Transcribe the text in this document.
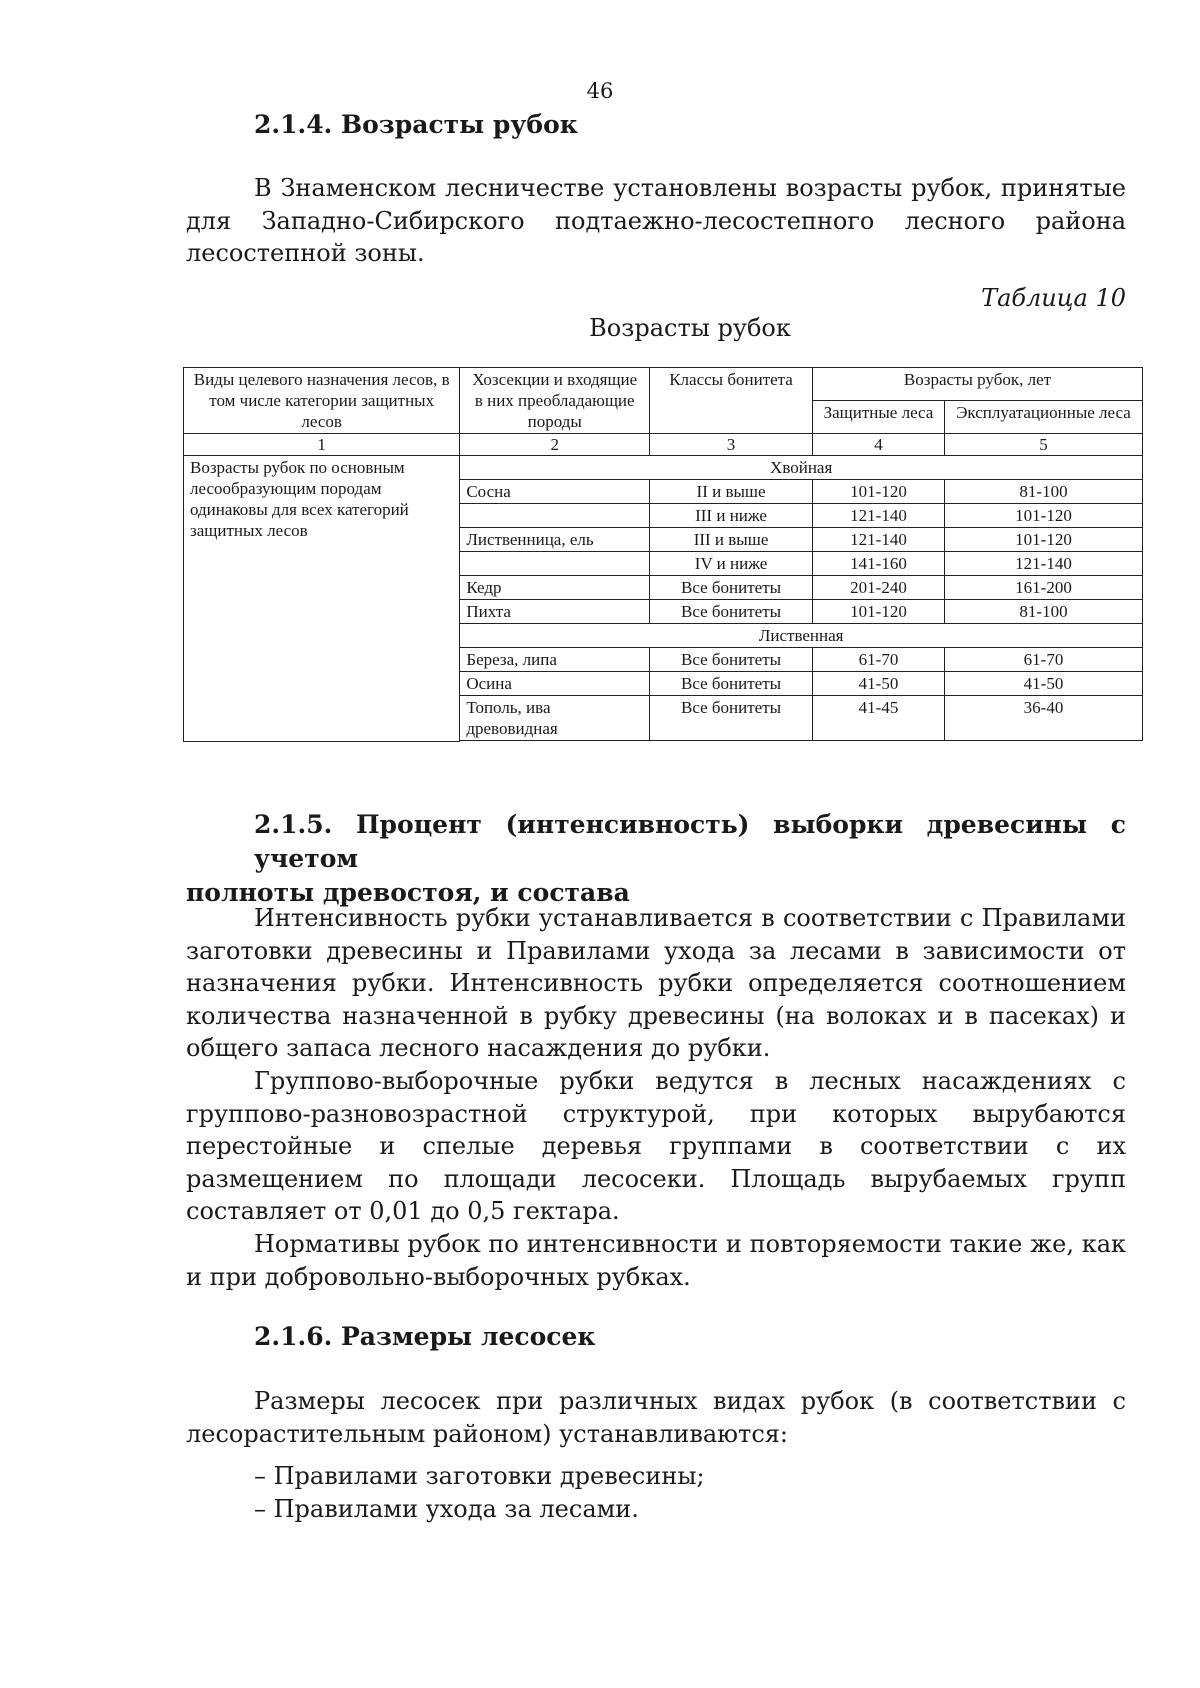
46
2.1.4. Возрасты рубок

В Знаменском лесничестве установлены возрасты рубок, принятые для Западно-Сибирского подтаежно-лесостепного лесного района лесостепной зоны.

Таблица 10
Возрасты рубок
Виды целевого назначения лесов, в том числе категории защитных лесов	Хозсекции и входящие в них преобладающие породы	Классы бонитета	Возрасты рубок, лет	
			Защитные леса	Эксплуатационные леса
1	2	3	4	5
Возрасты рубок по основным лесообразующим породам одинаковы для всех категорий защитных лесов	Хвойная			
	Сосна	II и выше	101-120	81-100
		III и ниже	121-140	101-120
	Лиственница, ель	III и выше	121-140	101-120
		IV и ниже	141-160	121-140
	Кедр	Все бонитеты	201-240	161-200
	Пихта	Все бонитеты	101-120	81-100
	Лиственная			
	Береза, липа	Все бонитеты	61-70	61-70
	Осина	Все бонитеты	41-50	41-50
	Тополь, ива древовидная	Все бонитеты	41-45	36-40

2.1.5. Процент (интенсивность) выборки древесины с учетом
полноты древостоя, и состава

Интенсивность рубки устанавливается в соответствии с Правилами заготовки древесины и Правилами ухода за лесами в зависимости от назначения рубки. Интенсивность рубки определяется соотношением количества назначенной в рубку древесины (на волоках и в пасеках) и общего запаса лесного насаждения до рубки.

Группово-выборочные рубки ведутся в лесных насаждениях с группово-разновозрастной структурой, при которых вырубаются перестойные и спелые деревья группами в соответствии с их размещением по площади лесосеки. Площадь вырубаемых групп составляет от 0,01 до 0,5 гектара.

Нормативы рубок по интенсивности и повторяемости такие же, как и при добровольно-выборочных рубках.

2.1.6. Размеры лесосек

Размеры лесосек при различных видах рубок (в соответствии с лесорастительным районом) устанавливаются:

– Правилами заготовки древесины;
– Правилами ухода за лесами.
